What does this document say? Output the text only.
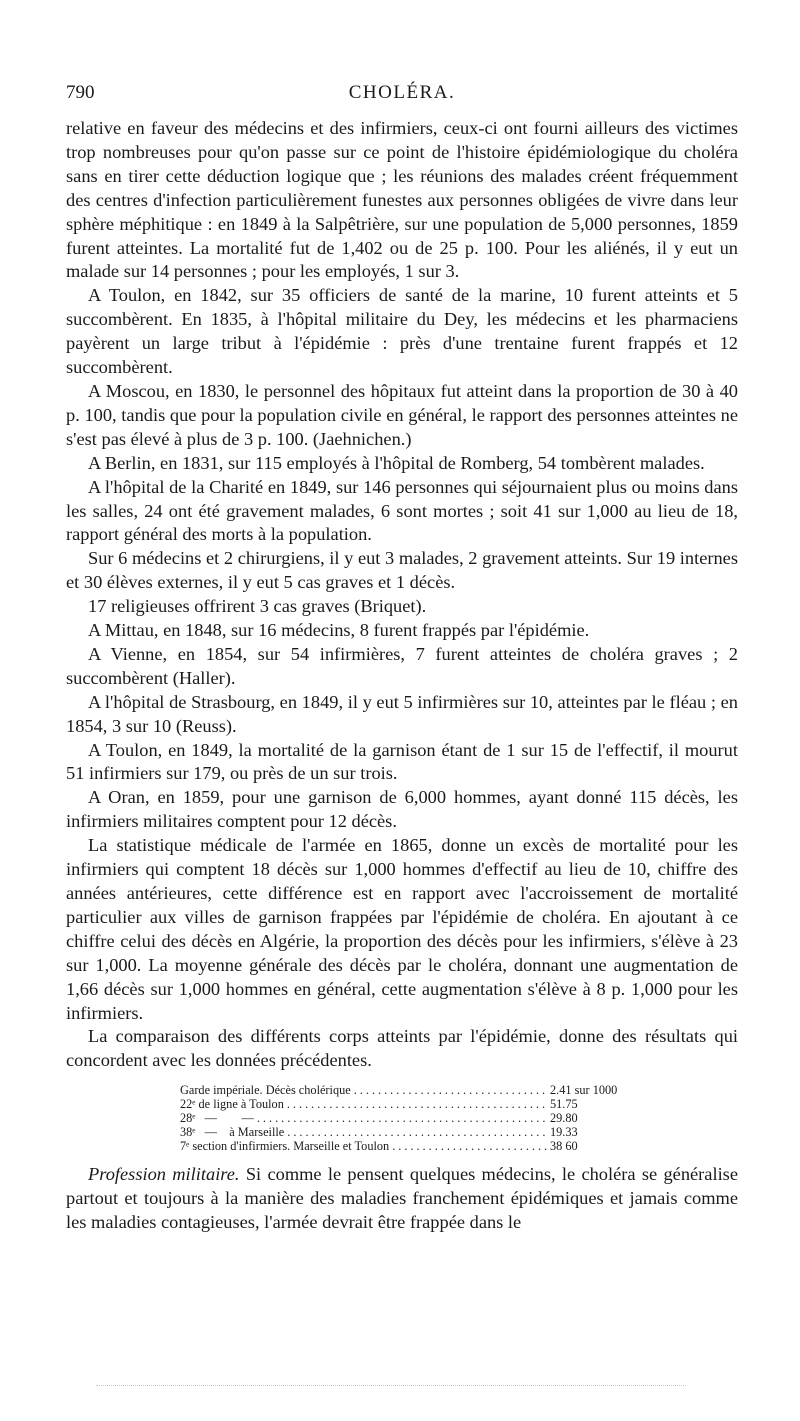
790	CHOLÉRA.

relative en faveur des médecins et des infirmiers, ceux-ci ont fourni ailleurs des victimes trop nombreuses pour qu'on passe sur ce point de l'histoire épidémiologique du choléra sans en tirer cette déduction logique que ; les réunions des malades créent fréquemment des centres d'infection particulièrement funestes aux personnes obligées de vivre dans leur sphère méphitique : en 1849 à la Salpêtrière, sur une population de 5,000 personnes, 1859 furent atteintes. La mortalité fut de 1,402 ou de 25 p. 100. Pour les aliénés, il y eut un malade sur 14 personnes ; pour les employés, 1 sur 3.

A Toulon, en 1842, sur 35 officiers de santé de la marine, 10 furent atteints et 5 succombèrent. En 1835, à l'hôpital militaire du Dey, les médecins et les pharmaciens payèrent un large tribut à l'épidémie : près d'une trentaine furent frappés et 12 succombèrent.

A Moscou, en 1830, le personnel des hôpitaux fut atteint dans la proportion de 30 à 40 p. 100, tandis que pour la population civile en général, le rapport des personnes atteintes ne s'est pas élevé à plus de 3 p. 100. (Jaehnichen.)

A Berlin, en 1831, sur 115 employés à l'hôpital de Romberg, 54 tombèrent malades.

A l'hôpital de la Charité en 1849, sur 146 personnes qui séjournaient plus ou moins dans les salles, 24 ont été gravement malades, 6 sont mortes ; soit 41 sur 1,000 au lieu de 18, rapport général des morts à la population.

Sur 6 médecins et 2 chirurgiens, il y eut 3 malades, 2 gravement atteints. Sur 19 internes et 30 élèves externes, il y eut 5 cas graves et 1 décès.

17 religieuses offrirent 3 cas graves (Briquet).

A Mittau, en 1848, sur 16 médecins, 8 furent frappés par l'épidémie.

A Vienne, en 1854, sur 54 infirmières, 7 furent atteintes de choléra graves ; 2 succombèrent (Haller).

A l'hôpital de Strasbourg, en 1849, il y eut 5 infirmières sur 10, atteintes par le fléau ; en 1854, 3 sur 10 (Reuss).

A Toulon, en 1849, la mortalité de la garnison étant de 1 sur 15 de l'effectif, il mourut 51 infirmiers sur 179, ou près de un sur trois.

A Oran, en 1859, pour une garnison de 6,000 hommes, ayant donné 115 décès, les infirmiers militaires comptent pour 12 décès.

La statistique médicale de l'armée en 1865, donne un excès de mortalité pour les infirmiers qui comptent 18 décès sur 1,000 hommes d'effectif au lieu de 10, chiffre des années antérieures, cette différence est en rapport avec l'accroissement de mortalité particulier aux villes de garnison frappées par l'épidémie de choléra. En ajoutant à ce chiffre celui des décès en Algérie, la proportion des décès pour les infirmiers, s'élève à 23 sur 1,000. La moyenne générale des décès par le choléra, donnant une augmentation de 1,66 décès sur 1,000 hommes en général, cette augmentation s'élève à 8 p. 1,000 pour les infirmiers.

La comparaison des différents corps atteints par l'épidémie, donne des résultats qui concordent avec les données précédentes.

Garde impériale. Décès cholérique .....	2.41 sur 1000
22ᵉ de ligne à Toulon .....	51.75
28ᵉ   —        — .....	29.80
38ᵉ   —    à Marseille .....	19.33
7ᵉ section d'infirmiers. Marseille et Toulon .....	38 60

Profession militaire. Si comme le pensent quelques médecins, le choléra se généralise partout et toujours à la manière des maladies franchement épidémiques et jamais comme les maladies contagieuses, l'armée devrait être frappée dans le
